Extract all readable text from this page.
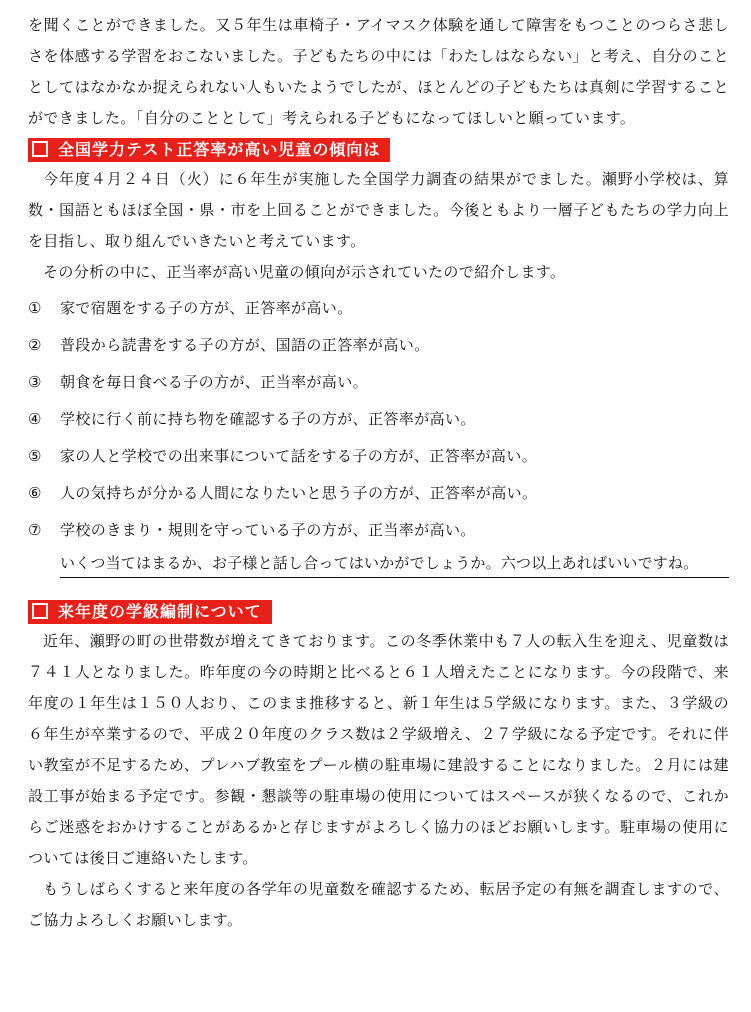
を聞くことができました。又５年生は車椅子・アイマスク体験を通して障害をもつことのつらさ悲しさを体感する学習をおこないました。子どもたちの中には「わたしはならない」と考え、自分のこととしてはなかなか捉えられない人もいたようでしたが、ほとんどの子どもたちは真剣に学習することができました。「自分のこととして」考えられる子どもになってほしいと願っています。

全国学力テスト正答率が高い児童の傾向は

今年度４月２４日（火）に６年生が実施した全国学力調査の結果がでました。瀬野小学校は、算数・国語ともほぼ全国・県・市を上回ることができました。今後ともより一層子どもたちの学力向上を目指し、取り組んでいきたいと考えています。

その分析の中に、正当率が高い児童の傾向が示されていたので紹介します。

① 家で宿題をする子の方が、正答率が高い。
② 普段から読書をする子の方が、国語の正答率が高い。
③ 朝食を毎日食べる子の方が、正当率が高い。
④ 学校に行く前に持ち物を確認する子の方が、正答率が高い。
⑤ 家の人と学校での出来事について話をする子の方が、正答率が高い。
⑥ 人の気持ちが分かる人間になりたいと思う子の方が、正答率が高い。
⑦ 学校のきまり・規則を守っている子の方が、正当率が高い。

いくつ当てはまるか、お子様と話し合ってはいかがでしょうか。六つ以上あればいいですね。

来年度の学級編制について

近年、瀬野の町の世帯数が増えてきております。この冬季休業中も７人の転入生を迎え、児童数は７４１人となりました。昨年度の今の時期と比べると６１人増えたことになります。今の段階で、来年度の１年生は１５０人おり、このまま推移すると、新１年生は５学級になります。また、３学級の６年生が卒業するので、平成２０年度のクラス数は２学級増え、２７学級になる予定です。それに伴い教室が不足するため、プレハブ教室をプール横の駐車場に建設することになりました。２月には建設工事が始まる予定です。参観・懇談等の駐車場の使用についてはスペースが狭くなるので、これからご迷惑をおかけすることがあるかと存じますがよろしく協力のほどお願いします。駐車場の使用については後日ご連絡いたします。

もうしばらくすると来年度の各学年の児童数を確認するため、転居予定の有無を調査しますので、ご協力よろしくお願いします。
